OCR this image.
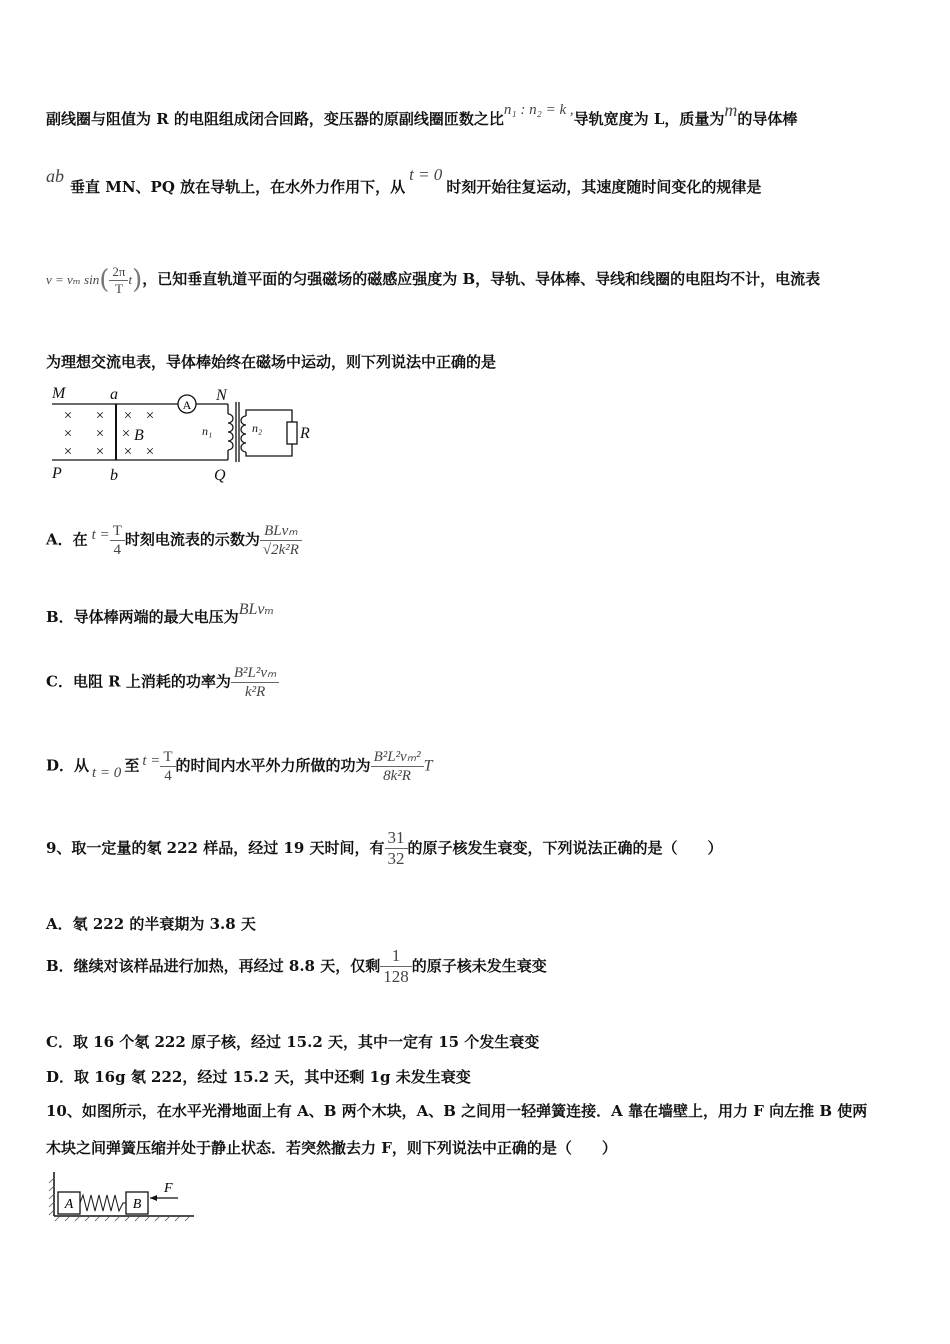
副线圈与阻值为 R 的电阻组成闭合回路，变压器的原副线圈匝数之比n₁ : n₂ = k ,导轨宽度为 L，质量为m的导体棒
ab垂直 MN、PQ 放在导轨上，在水外力作用下，从t = 0时刻开始往复运动，其速度随时间变化的规律是
v = vₘ $\sin( \frac{2\pi}{T} t)$，已知垂直轨道平面的匀强磁场的磁感应强度为 B，导轨、导体棒、导线和线圈的电阻均不计，电流表
为理想交流电表，导体棒始终在磁场中运动，则下列说法中正确的是
A
× × × ×
× × ×
× × × ×
M	a	N
P	b	Q
B	R
n₁	n₂
A．在 $t = \frac{T}{4}$ 时刻电流表的示数为 $\frac{\text{BLvₘ}}{\text{√2k²R}}$
B．导体棒两端的最大电压为BLvₘ
C．电阻 R 上消耗的功率为 $\frac{\text{B²L²vₘ}}{\text{k²R}}$
D．从 t = 0 至 $t = \frac{T}{4}$ 的时间内水平外力所做的功为 $\frac{\text{B²L²vₘ²}}{\text{8k²R}}$ T
9、取一定量的氡 222 样品，经过 19 天时间，有 $\frac{31}{32}$ 的原子核发生衰变，下列说法正确的是（　　）
A．氡 222 的半衰期为 3.8 天
B．继续对该样品进行加热，再经过 8.8 天，仅剩 $\frac{1}{128}$ 的原子核未发生衰变
C．取 16 个氡 222 原子核，经过 15.2 天，其中一定有 15 个发生衰变
D．取 16g 氡 222，经过 15.2 天，其中还剩 1g 未发生衰变
10、如图所示，在水平光滑地面上有 A、B 两个木块，A、B 之间用一轻弹簧连接．A 靠在墙壁上，用力 F 向左推 B 使两
木块之间弹簧压缩并处于静止状态．若突然撤去力 F，则下列说法中正确的是（　　）
A	B
F
